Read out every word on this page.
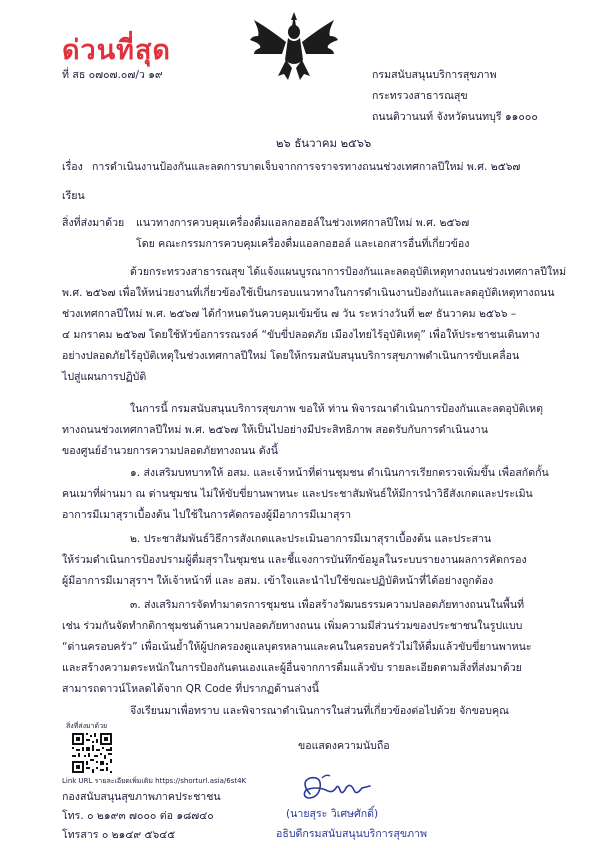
ด่วนที่สุด
ที่ สธ ๐๗๐๗.๐๗/ว ๑๙	กรมสนับสนุนบริการสุขภาพ
กระทรวงสาธารณสุข
ถนนติวานนท์ จังหวัดนนทบุรี ๑๑๐๐๐
๒๖ ธันวาคม ๒๕๖๖
เรื่อง การดำเนินงานป้องกันและลดการบาดเจ็บจากการจราจรทางถนนช่วงเทศกาลปีใหม่ พ.ศ. ๒๕๖๗
เรียน
สิ่งที่ส่งมาด้วย แนวทางการควบคุมเครื่องดื่มแอลกอฮอล์ในช่วงเทศกาลปีใหม่ พ.ศ. ๒๕๖๗
โดย คณะกรรมการควบคุมเครื่องดื่มแอลกอฮอล์ และเอกสารอื่นที่เกี่ยวข้อง
ด้วยกระทรวงสาธารณสุข ได้แจ้งแผนบูรณาการป้องกันและลดอุบัติเหตุทางถนนช่วงเทศกาลปีใหม่
พ.ศ. ๒๕๖๗ เพื่อให้หน่วยงานที่เกี่ยวข้องใช้เป็นกรอบแนวทางในการดำเนินงานป้องกันและลดอุบัติเหตุทางถนน
ช่วงเทศกาลปีใหม่ พ.ศ. ๒๕๖๗ ได้กำหนดวันควบคุมเข้มข้น ๗ วัน ระหว่างวันที่ ๒๙ ธันวาคม ๒๕๖๖ –
๔ มกราคม ๒๕๖๗ โดยใช้หัวข้อการรณรงค์ “ขับขี่ปลอดภัย เมืองไทยไร้อุบัติเหตุ” เพื่อให้ประชาชนเดินทาง
อย่างปลอดภัยไร้อุบัติเหตุในช่วงเทศกาลปีใหม่ โดยให้กรมสนับสนุนบริการสุขภาพดำเนินการขับเคลื่อน
ไปสู่แผนการปฏิบัติ
ในการนี้ กรมสนับสนุนบริการสุขภาพ ขอให้ ท่าน พิจารณาดำเนินการป้องกันและลดอุบัติเหตุ
ทางถนนช่วงเทศกาลปีใหม่ พ.ศ. ๒๕๖๗ ให้เป็นไปอย่างมีประสิทธิภาพ สอดรับกับการดำเนินงาน
ของศูนย์อำนวยการความปลอดภัยทางถนน ดังนี้
๑. ส่งเสริมบทบาทให้ อสม. และเจ้าหน้าที่ด่านชุมชน ดำเนินการเรียกตรวจเพิ่มขึ้น เพื่อสกัดกั้น
คนเมาที่ผ่านมา ณ ด่านชุมชน ไม่ให้ขับขี่ยานพาหนะ และประชาสัมพันธ์ให้มีการนำวิธีสังเกตและประเมิน
อาการมีเมาสุราเบื้องต้น ไปใช้ในการคัดกรองผู้มีอาการมีเมาสุรา
๒. ประชาสัมพันธ์วิธีการสังเกตและประเมินอาการมีเมาสุราเบื้องต้น และประสาน
ให้ร่วมดำเนินการป้องปรามผู้ดื่มสุราในชุมชน และชี้แจงการบันทึกข้อมูลในระบบรายงานผลการคัดกรอง
ผู้มีอาการมีเมาสุราฯ ให้เจ้าหน้าที่ และ อสม. เข้าใจและนำไปใช้ขณะปฏิบัติหน้าที่ได้อย่างถูกต้อง
๓. ส่งเสริมการจัดทำมาตรการชุมชน เพื่อสร้างวัฒนธรรมความปลอดภัยทางถนนในพื้นที่
เช่น ร่วมกันจัดทำกติกาชุมชนด้านความปลอดภัยทางถนน เพิ่มความมีส่วนร่วมของประชาชนในรูปแบบ
“ด่านครอบครัว” เพื่อเน้นย้ำให้ผู้ปกครองดูแลบุตรหลานและคนในครอบครัวไม่ให้ดื่มแล้วขับขี่ยานพาหนะ
และสร้างความตระหนักในการป้องกันตนเองและผู้อื่นจากการดื่มแล้วขับ รายละเอียดตามสิ่งที่ส่งมาด้วย
สามารถดาวน์โหลดได้จาก QR Code ที่ปรากฏด้านล่างนี้
จึงเรียนมาเพื่อทราบ และพิจารณาดำเนินการในส่วนที่เกี่ยวข้องต่อไปด้วย จักขอบคุณ
สิ่งที่ส่งมาด้วย
Link URL รายละเอียดเพิ่มเติม https://shorturl.asia/6st4K
ขอแสดงความนับถือ
(นายสุระ วิเศษศักดิ์)
อธิบดีกรมสนับสนุนบริการสุขภาพ
กองสนับสนุนสุขภาพภาคประชาชน
โทร. ๐ ๒๑๙๓ ๗๐๐๐ ต่อ ๑๘๗๔๐
โทรสาร ๐ ๒๑๔๙ ๕๖๔๕
